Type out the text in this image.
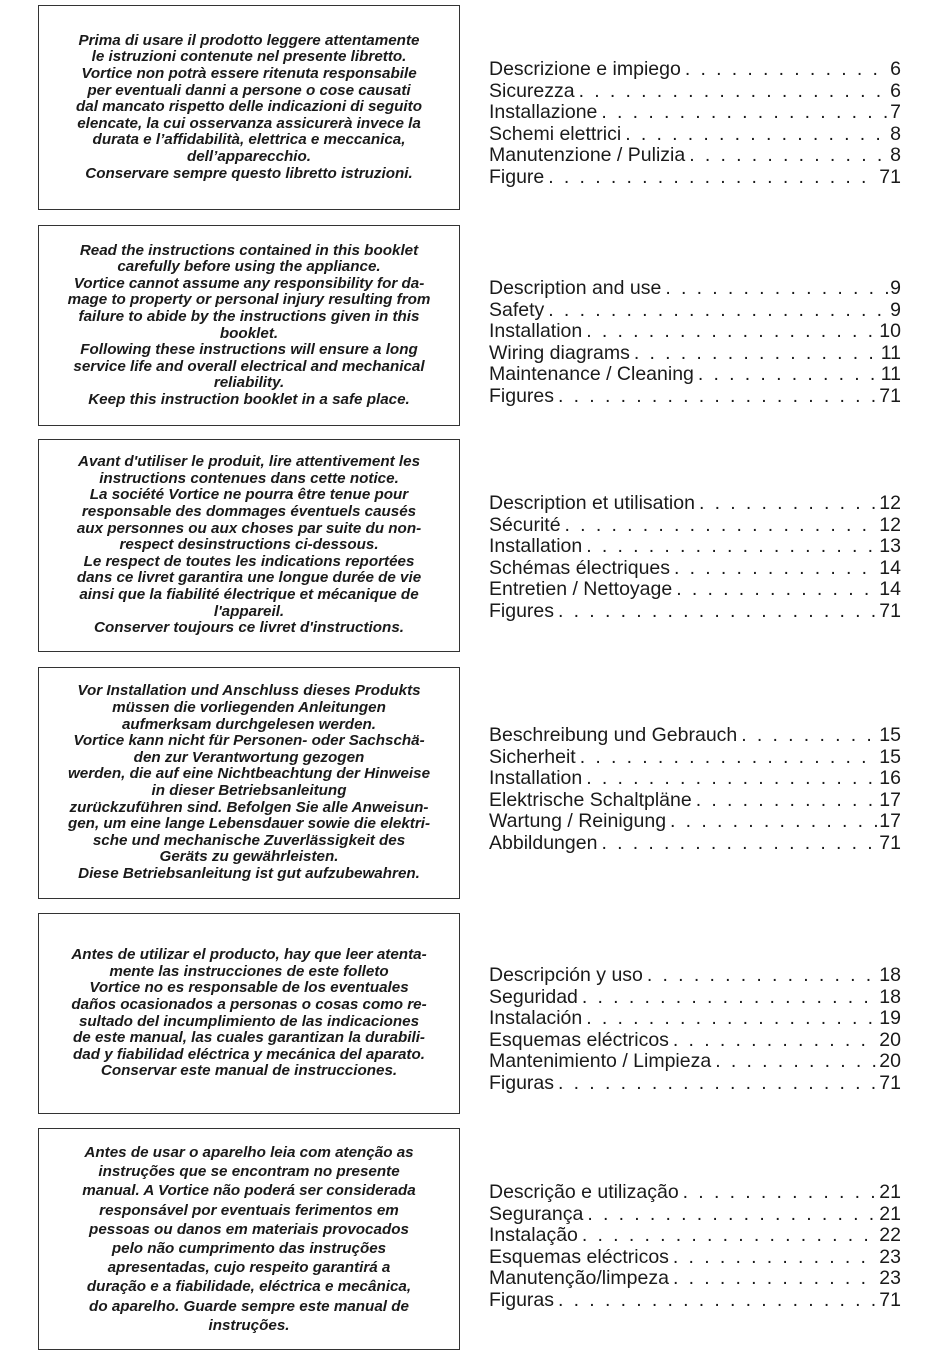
Prima di usare il prodotto leggere attentamente

le istruzioni contenute nel presente libretto.

Vortice non potrà essere ritenuta responsabile

per eventuali danni a persone o cose causati

dal mancato rispetto delle indicazioni di seguito

elencate, la cui osservanza assicurerà invece la

durata e l’affidabilità, elettrica e meccanica,

dell’apparecchio.

Conservare sempre questo libretto istruzioni.

Descrizione e impiego . . .	6
Sicurezza . . .	6
Installazione . . .	7
Schemi elettrici . . .	8
Manutenzione / Pulizia . . .	8
Figure . . .	71

Read the instructions contained in this booklet

carefully before using the appliance.

Vortice cannot assume any responsibility for da-

mage to property or personal injury resulting from

failure to abide by the instructions given in this

booklet.

Following these instructions will ensure a long

service life and overall electrical and mechanical

reliability.

Keep this instruction booklet in a safe place.

Description and use . . .	9
Safety . . .	9
Installation . . .	10
Wiring diagrams . . .	11
Maintenance / Cleaning . . .	11
Figures . . .	71

Avant d'utiliser le produit, lire attentivement les

instructions contenues dans cette notice.

La société Vortice ne pourra être tenue pour

responsable des dommages éventuels causés

aux personnes ou aux choses par suite du non-

respect desinstructions ci-dessous.

Le respect de toutes les indications reportées

dans ce livret garantira une longue durée de vie

ainsi que la fiabilité électrique et mécanique de

l'appareil.

Conserver toujours ce livret d'instructions.

Description et utilisation . . .	12
Sécurité . . .	12
Installation . . .	13
Schémas électriques . . .	14
Entretien / Nettoyage . . .	14
Figures . . .	71

Vor Installation und Anschluss dieses Produkts

müssen die vorliegenden Anleitungen

aufmerksam durchgelesen werden.

Vortice kann nicht für Personen- oder Sachschä-

den zur Verantwortung gezogen

werden, die auf eine Nichtbeachtung der Hinweise

in dieser Betriebsanleitung

zurückzuführen sind. Befolgen Sie alle Anweisun-

gen, um eine lange Lebensdauer sowie die elektri-

sche und mechanische Zuverlässigkeit des

Geräts zu gewährleisten.

Diese Betriebsanleitung ist gut aufzubewahren.

Beschreibung und Gebrauch . . .	15
Sicherheit . . .	15
Installation . . .	16
Elektrische Schaltpläne . . .	17
Wartung / Reinigung . . .	17
Abbildungen . . .	71

Antes de utilizar el producto, hay que leer atenta-

mente las instrucciones de este folleto

Vortice no es responsable de los eventuales

daños ocasionados a personas o cosas como re-

sultado del incumplimiento de las indicaciones

de este manual, las cuales garantizan la durabili-

dad y fiabilidad eléctrica y mecánica del aparato.

Conservar este manual de instrucciones.

Descripción y uso . . .	18
Seguridad . . .	18
Instalación . . .	19
Esquemas eléctricos . . .	20
Mantenimiento / Limpieza . . .	20
Figuras . . .	71

Antes de usar o aparelho leia com atenção as

instruções que se encontram no presente

manual. A Vortice não poderá ser considerada

responsável por eventuais ferimentos em

pessoas ou danos em materiais provocados

pelo não cumprimento das instruções

apresentadas, cujo respeito garantirá a

duração e a fiabilidade, eléctrica e mecânica,

do aparelho. Guarde sempre este manual de

instruções.

Descrição e utilização . . .	21
Segurança . . .	21
Instalação . . .	22
Esquemas eléctricos . . .	23
Manutenção/limpeza . . .	23
Figuras . . .	71
